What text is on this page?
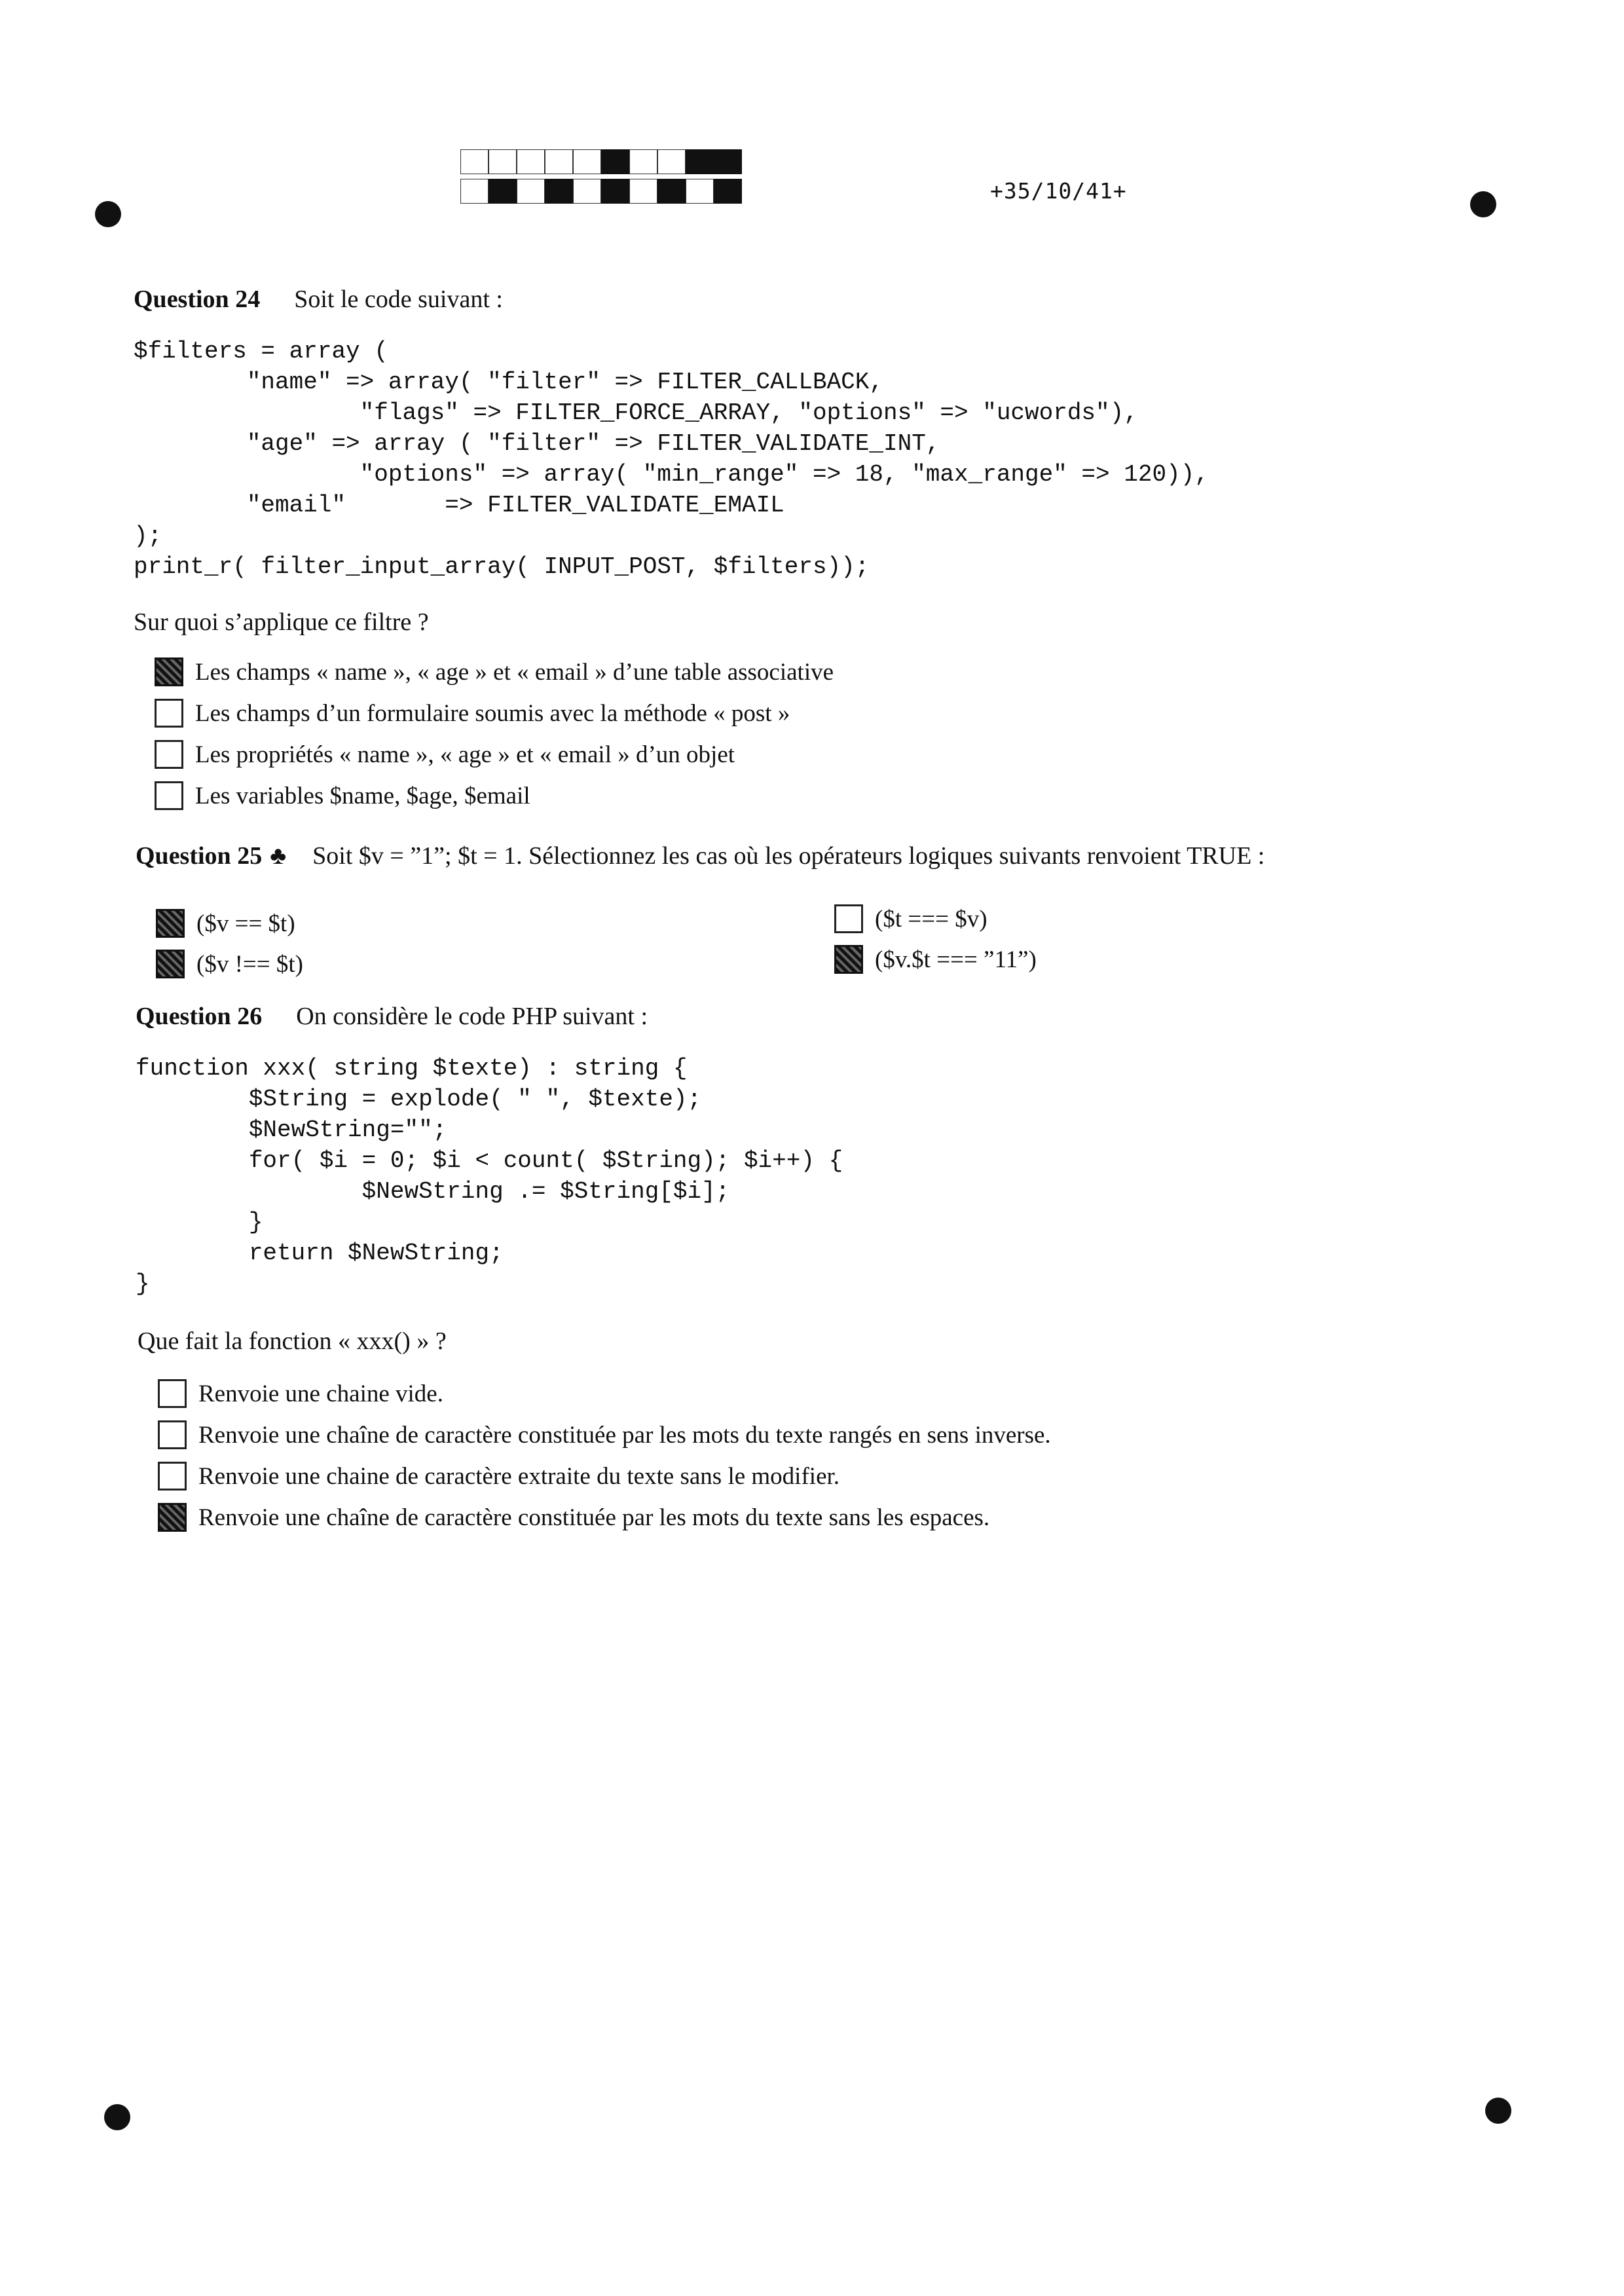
+35/10/41+
Question 24 Soit le code suivant :
$filters = array (
"name" => array( "filter" => FILTER_CALLBACK,
"flags" => FILTER_FORCE_ARRAY, "options" => "ucwords"),
"age" => array ( "filter" => FILTER_VALIDATE_INT,
"options" => array( "min_range" => 18, "max_range" => 120)),
"email"       => FILTER_VALIDATE_EMAIL
);
print_r( filter_input_array( INPUT_POST, $filters));
Sur quoi s’applique ce filtre ?
Les champs « name », « age » et « email » d’une table associative
Les champs d’un formulaire soumis avec la méthode « post »
Les propriétés « name », « age » et « email » d’un objet
Les variables $name, $age, $email
Question 25 ♣ Soit $v = ”1”; $t = 1. Sélectionnez les cas où les opérateurs logiques suivants renvoient TRUE :
($v == $t)
($v !== $t)
($t === $v)
($v.$t === ”11”)
Question 26 On considère le code PHP suivant :
function xxx( string $texte) : string {
$String = explode( " ", $texte);
$NewString="";
for( $i = 0; $i < count( $String); $i++) {
$NewString .= $String[$i];
}
return $NewString;
}
Que fait la fonction « xxx() » ?
Renvoie une chaine vide.
Renvoie une chaîne de caractère constituée par les mots du texte rangés en sens inverse.
Renvoie une chaine de caractère extraite du texte sans le modifier.
Renvoie une chaîne de caractère constituée par les mots du texte sans les espaces.
